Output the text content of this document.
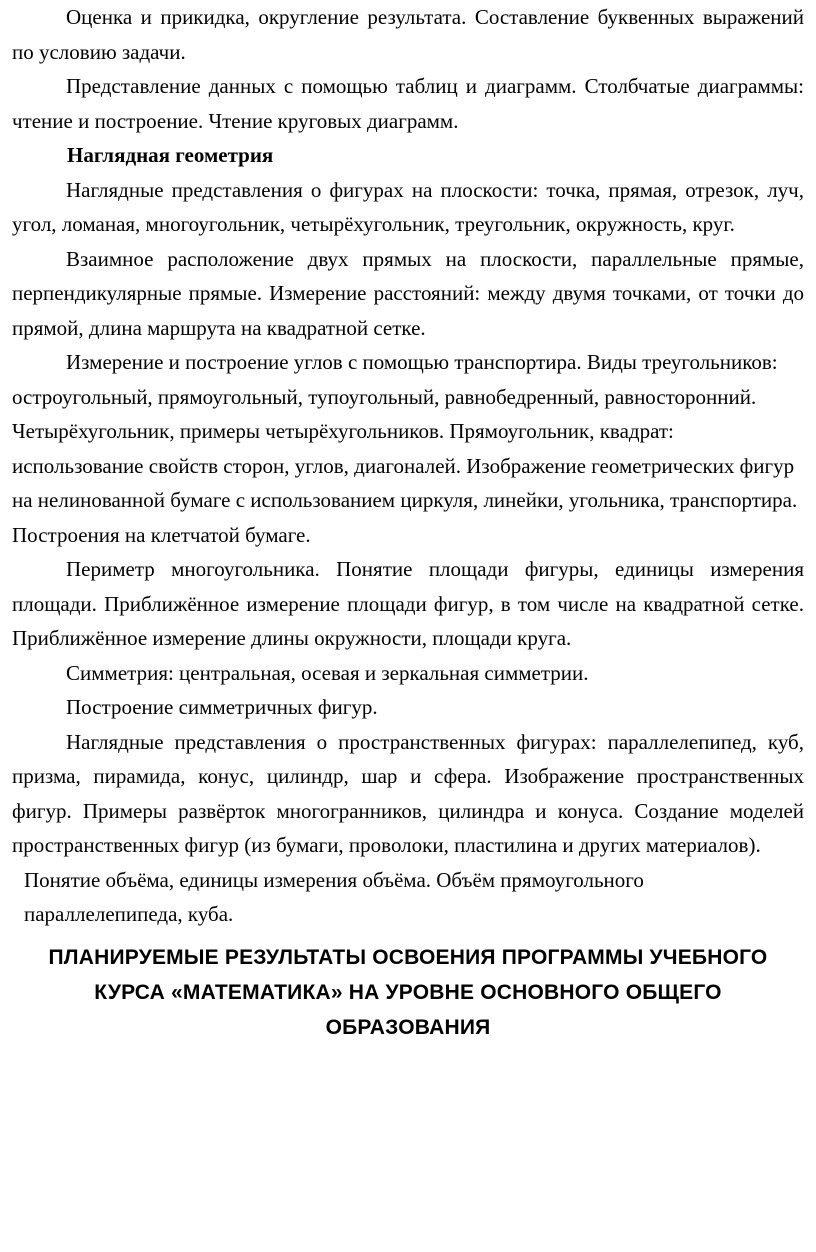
Оценка и прикидка, округление результата. Составление буквенных выражений по условию задачи.

Представление данных с помощью таблиц и диаграмм. Столбчатые диаграммы: чтение и построение. Чтение круговых диаграмм.

Наглядная геометрия

Наглядные представления о фигурах на плоскости: точка, прямая, отрезок, луч, угол, ломаная, многоугольник, четырёхугольник, треугольник, окружность, круг.

Взаимное расположение двух прямых на плоскости, параллельные прямые, перпендикулярные прямые. Измерение расстояний: между двумя точками, от точки до прямой, длина маршрута на квадратной сетке.

Измерение и построение углов с помощью транспортира. Виды треугольников: остроугольный, прямоугольный, тупоугольный, равнобедренный, равносторонний. Четырёхугольник, примеры четырёхугольников. Прямоугольник, квадрат: использование свойств сторон, углов, диагоналей. Изображение геометрических фигур на нелинованной бумаге с использованием циркуля, линейки, угольника, транспортира. Построения на клетчатой бумаге.

Периметр многоугольника. Понятие площади фигуры, единицы измерения площади. Приближённое измерение площади фигур, в том числе на квадратной сетке. Приближённое измерение длины окружности, площади круга.

Симметрия: центральная, осевая и зеркальная симметрии.

Построение симметричных фигур.

Наглядные представления о пространственных фигурах: параллелепипед, куб, призма, пирамида, конус, цилиндр, шар и сфера. Изображение пространственных фигур. Примеры развёрток многогранников, цилиндра и конуса. Создание моделей пространственных фигур (из бумаги, проволоки, пластилина и других материалов).

Понятие объёма, единицы измерения объёма. Объём прямоугольного параллелепипеда, куба.

ПЛАНИРУЕМЫЕ РЕЗУЛЬТАТЫ ОСВОЕНИЯ ПРОГРАММЫ УЧЕБНОГО КУРСА «МАТЕМАТИКА» НА УРОВНЕ ОСНОВНОГО ОБЩЕГО ОБРАЗОВАНИЯ
